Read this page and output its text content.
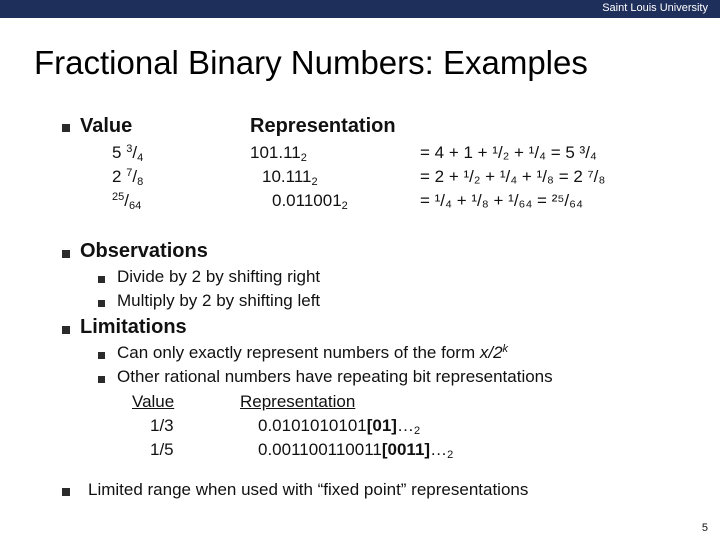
Saint Louis University
Fractional Binary Numbers: Examples
Value	Representation
5 $^3/_4$	$101.11_2$	= 4 + 1 + ¹/₂ + ¹/₄ = 5 ³/₄
2 $^7/_8$	$10.111_2$	= 2 + ¹/₂ + ¹/₄ + ¹/₈ = 2 ⁷/₈
$^{25}/_{64}$	$0.011001_2$	= ¹/₄ + ¹/₈ + ¹/₆₄ = ²⁵/₆₄
Observations
Divide by 2 by shifting right
Multiply by 2 by shifting left
Limitations
Can only exactly represent numbers of the form x/2$^k$
Other rational numbers have repeating bit representations
Value	Representation
1/3	$0.0101010101[01]\dots_2$
1/5	$0.001100110011[0011]\dots_2$
Limited range when used with “fixed point” representations
5
